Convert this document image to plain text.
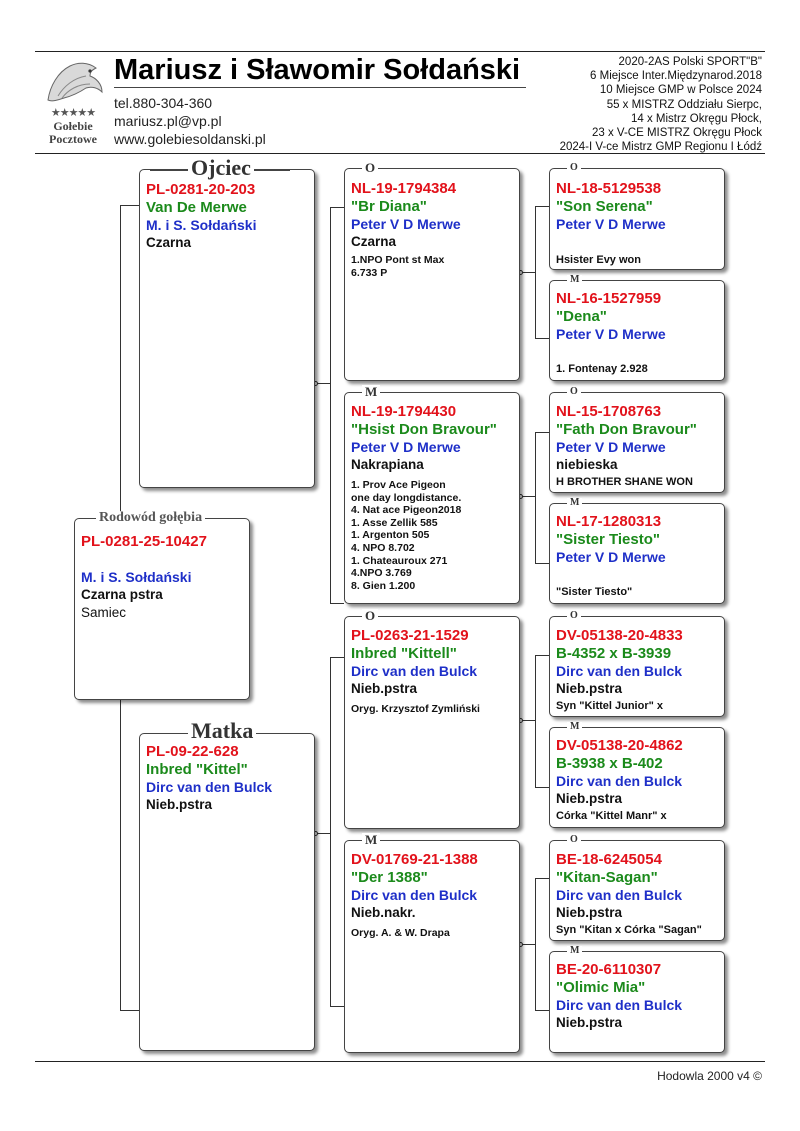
★★★★★
Gołebie
Pocztowe
Mariusz i Sławomir Sołdański
tel.880-304-360
mariusz.pl@vp.pl
www.golebiesoldanski.pl
2020-2AS Polski SPORT"B"
6 Miejsce Inter.Międzynarod.2018
10 Miejsce GMP w Polsce 2024
55 x MISTRZ Oddziału Sierpc,
14 x Mistrz Okręgu Płock,
23 x V-CE MISTRZ Okręgu Płock
2024-I V-ce Mistrz GMP Regionu I Łódź
PL-0281-20-203
Van De Merwe
M. i S. Sołdański
Czarna
Ojciec
PL-0281-25-10427
M. i S. Sołdański
Czarna pstra
Samiec
Rodowód gołębia
PL-09-22-628
Inbred "Kittel"
Dirc van den Bulck
Nieb.pstra
Matka
NL-19-1794384
"Br Diana"
Peter V D Merwe
Czarna
1.NPO Pont st Max
6.733 P
O
NL-19-1794430
"Hsist Don Bravour"
Peter V D Merwe
Nakrapiana
1. Prov Ace Pigeon
one day longdistance.
4. Nat ace Pigeon2018
1. Asse Zellik 585
1. Argenton 505
4. NPO 8.702
1. Chateauroux 271
4.NPO 3.769
8. Gien 1.200
M
PL-0263-21-1529
Inbred "Kittell"
Dirc van den Bulck
Nieb.pstra
Oryg. Krzysztof Zymliński
O
DV-01769-21-1388
"Der 1388"
Dirc van den Bulck
Nieb.nakr.
Oryg. A. & W. Drapa
M
NL-18-5129538
"Son Serena"
Peter V D Merwe
Hsister Evy won
O
NL-16-1527959
"Dena"
Peter V D Merwe
1. Fontenay 2.928
M
NL-15-1708763
"Fath Don Bravour"
Peter V D Merwe
niebieska
H BROTHER SHANE WON
O
NL-17-1280313
"Sister Tiesto"
Peter V D Merwe
"Sister Tiesto"
M
DV-05138-20-4833
B-4352 x B-3939
Dirc van den Bulck
Nieb.pstra
Syn "Kittel Junior" x
O
DV-05138-20-4862
B-3938 x B-402
Dirc van den Bulck
Nieb.pstra
Córka "Kittel Manr" x
M
BE-18-6245054
"Kitan-Sagan"
Dirc van den Bulck
Nieb.pstra
Syn "Kitan x Córka "Sagan"
O
BE-20-6110307
"Olimic Mia"
Dirc van den Bulck
Nieb.pstra
M
Hodowla 2000 v4 ©
